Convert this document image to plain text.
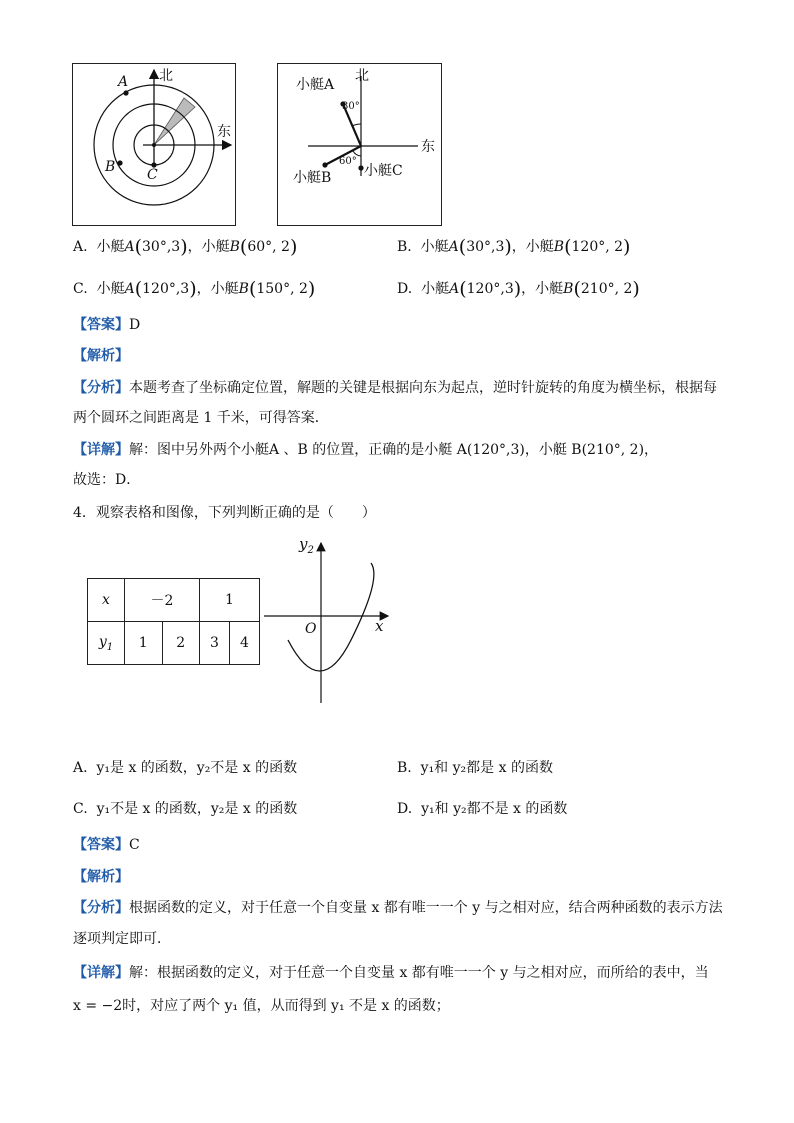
北
东
A
B C
北
东
小艇A
小艇B 小艇C
30°
60°
A. 小艇A(30°,3)，小艇B(60°, 2)	B. 小艇A(30°,3)，小艇B(120°, 2)
C. 小艇A(120°,3)，小艇B(150°, 2)	D. 小艇A(120°,3)，小艇B(210°, 2)
【答案】D
【解析】
【分析】本题考查了坐标确定位置，解题的关键是根据向东为起点，逆时针旋转的角度为横坐标，根据每
两个圆环之间距离是 1 千米，可得答案．
【详解】解：图中另外两个小艇A 、B 的位置，正确的是小艇 A(120°,3)，小艇 B(210°, 2)，
故选：D．
4．观察表格和图像，下列判断正确的是（　　）
x	－2		1	
$y_1$	1	2	3	4
$y_2$
x
O
A. y₁是 x 的函数，y₂不是 x 的函数	B. y₁和 y₂都是 x 的函数
C. y₁不是 x 的函数，y₂是 x 的函数	D. y₁和 y₂都不是 x 的函数
【答案】C
【解析】
【分析】根据函数的定义，对于任意一个自变量 x 都有唯一一个 y 与之相对应，结合两种函数的表示方法
逐项判定即可．
【详解】解：根据函数的定义，对于任意一个自变量 x 都有唯一一个 y 与之相对应，而所给的表中，当
x = −2时，对应了两个 y₁ 值，从而得到 y₁ 不是 x 的函数；
